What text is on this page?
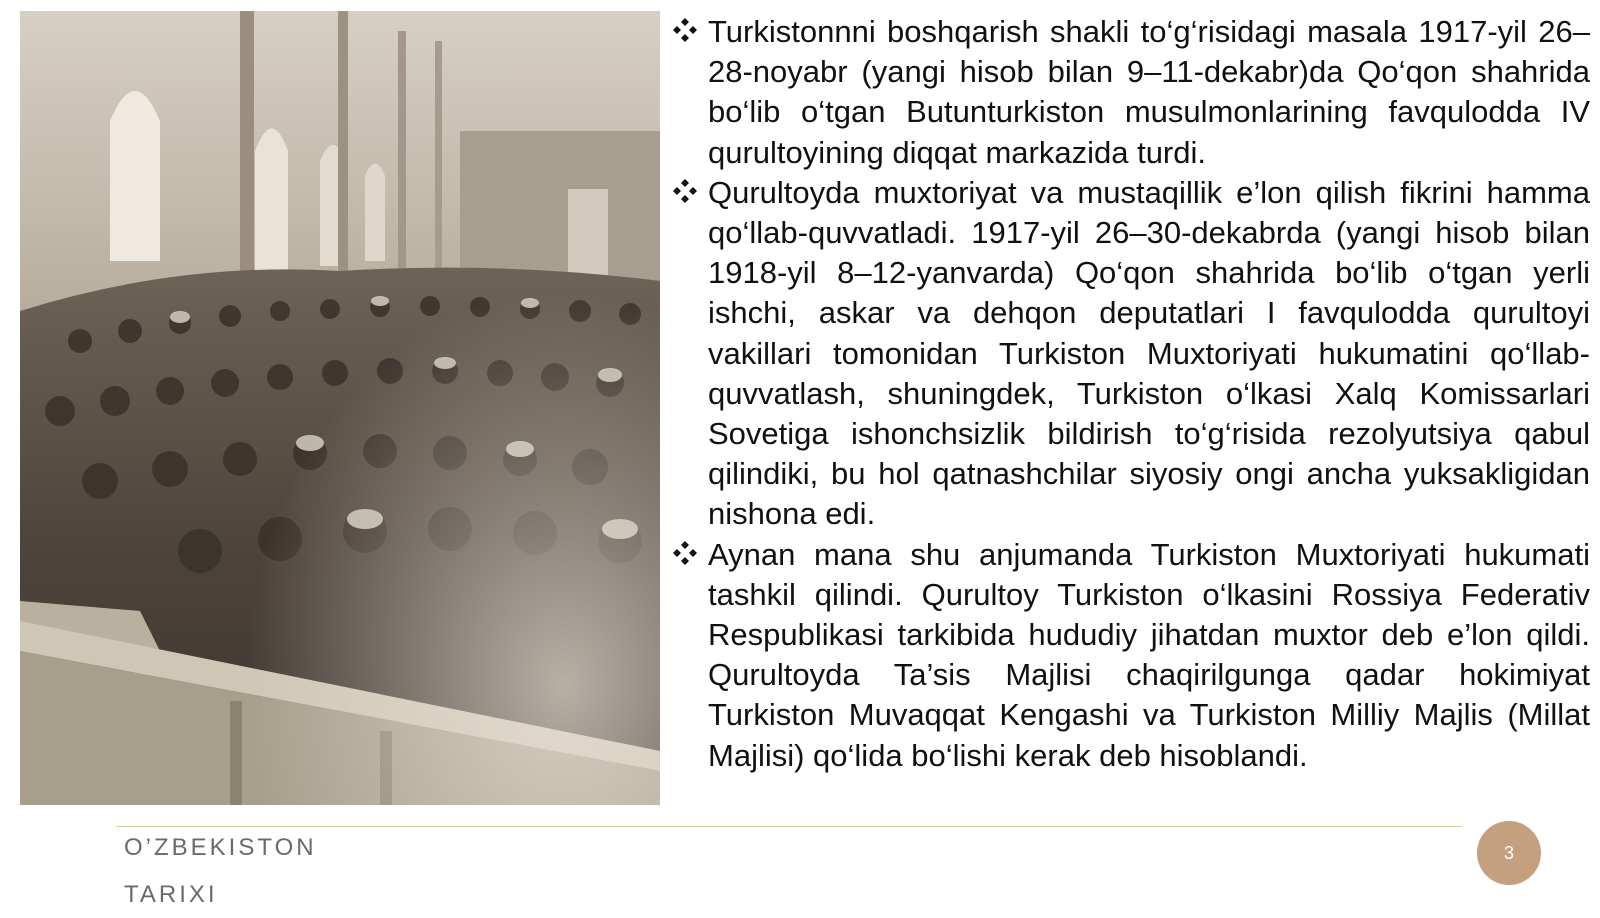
Turkistonnni boshqarish shakli to‘g‘risidagi masala 1917-yil 26–28-noyabr (yangi hisob bilan 9–11-dekabr)da Qo‘qon shahrida bo‘lib o‘tgan Butunturkiston musulmonlarining favqulodda IV qurultoyining diqqat markazida turdi.

Qurultoyda muxtoriyat va mustaqillik e’lon qilish fikrini hamma qo‘llab-quvvatladi. 1917-yil 26–30-dekabrda (yangi hisob bilan 1918-yil 8–12-yanvarda) Qo‘qon shahrida bo‘lib o‘tgan yerli ishchi, askar va dehqon deputatlari I favqulodda qurultoyi vakillari tomonidan Turkiston Muxtoriyati hukumatini qo‘llab-quvvatlash, shuningdek, Turkiston o‘lkasi Xalq Komissarlari Sovetiga ishonchsizlik bildirish to‘g‘risida rezolyutsiya qabul qilindiki, bu hol qatnashchilar siyosiy ongi ancha yuksakligidan nishona edi.

Aynan mana shu anjumanda Turkiston Muxtoriyati hukumati tashkil qilindi. Qurultoy Turkiston o‘lkasini Rossiya Federativ Respublikasi tarkibida hududiy jihatdan muxtor deb e’lon qildi. Qurultoyda Ta’sis Majlisi chaqirilgunga qadar hokimiyat Turkiston Muvaqqat Kengashi va Turkiston Milliy Majlis (Millat Majlisi) qo‘lida bo‘lishi kerak deb hisoblandi.

O’ZBEKISTON
TARIXI
3
